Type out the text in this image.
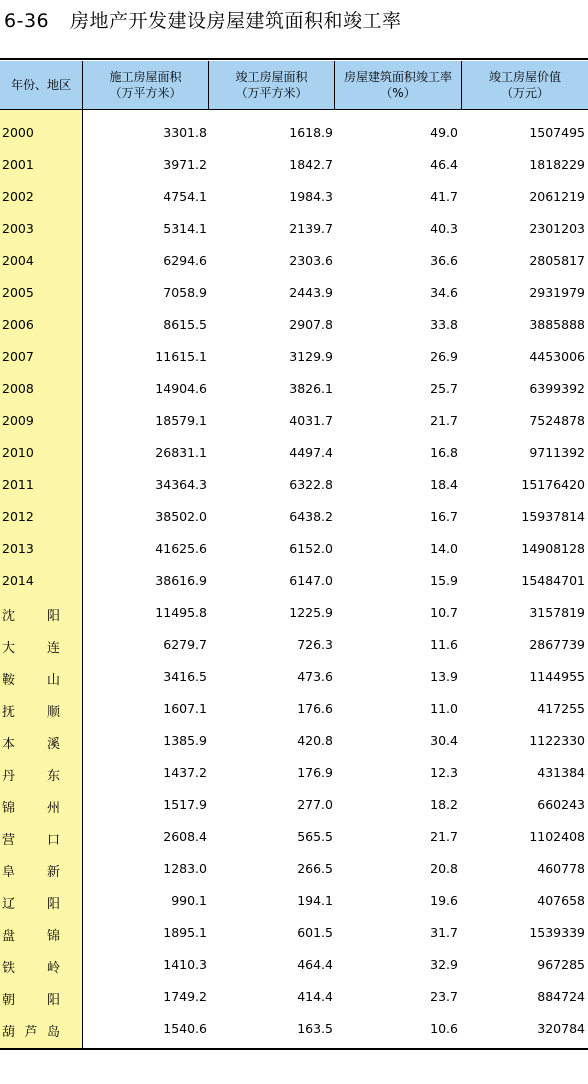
6-36 房地产开发建设房屋建筑面积和竣工率
年份、地区
施工房屋面积
（万平方米）
竣工房屋面积
（万平方米）
房屋建筑面积竣工率
（%）
竣工房屋价值
（万元）
2000	3301.8	1618.9	49.0	1507495
2001	3971.2	1842.7	46.4	1818229
2002	4754.1	1984.3	41.7	2061219
2003	5314.1	2139.7	40.3	2301203
2004	6294.6	2303.6	36.6	2805817
2005	7058.9	2443.9	34.6	2931979
2006	8615.5	2907.8	33.8	3885888
2007	11615.1	3129.9	26.9	4453006
2008	14904.6	3826.1	25.7	6399392
2009	18579.1	4031.7	21.7	7524878
2010	26831.1	4497.4	16.8	9711392
2011	34364.3	6322.8	18.4	15176420
2012	38502.0	6438.2	16.7	15937814
2013	41625.6	6152.0	14.0	14908128
2014	38616.9	6147.0	15.9	15484701
沈 阳	11495.8	1225.9	10.7	3157819
大 连	6279.7	726.3	11.6	2867739
鞍 山	3416.5	473.6	13.9	1144955
抚 顺	1607.1	176.6	11.0	417255
本 溪	1385.9	420.8	30.4	1122330
丹 东	1437.2	176.9	12.3	431384
锦 州	1517.9	277.0	18.2	660243
营 口	2608.4	565.5	21.7	1102408
阜 新	1283.0	266.5	20.8	460778
辽 阳	990.1	194.1	19.6	407658
盘 锦	1895.1	601.5	31.7	1539339
铁 岭	1410.3	464.4	32.9	967285
朝 阳	1749.2	414.4	23.7	884724
葫 芦 岛	1540.6	163.5	10.6	320784
